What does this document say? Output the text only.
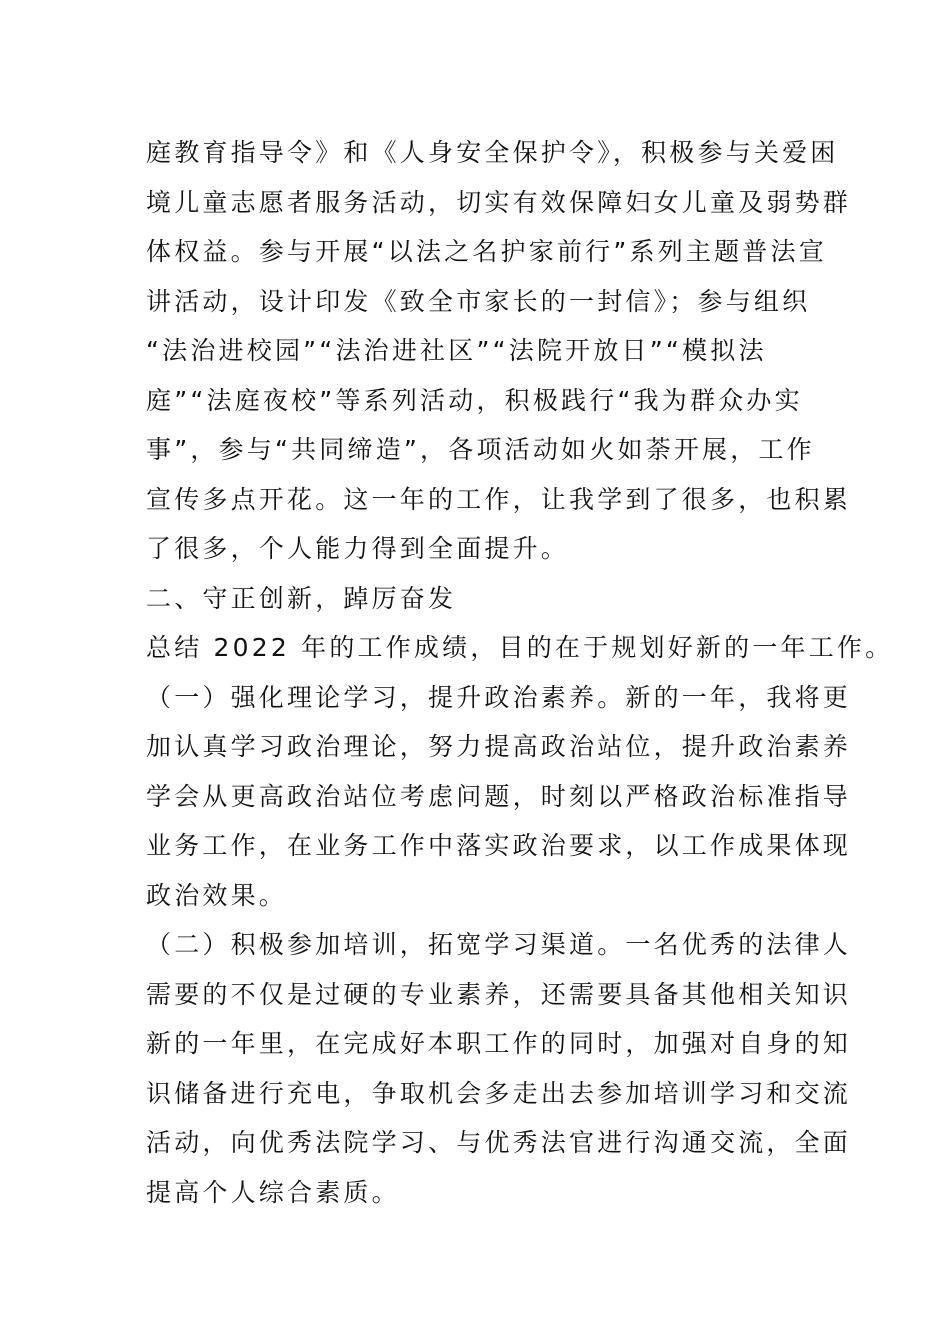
庭教育指导令》和《人身安全保护令》，积极参与关爱困
境儿童志愿者服务活动，切实有效保障妇女儿童及弱势群
体权益。参与开展“以法之名护家前行”系列主题普法宣
讲活动，设计印发《致全市家长的一封信》；参与组织
“法治进校园”“法治进社区”“法院开放日”“模拟法
庭”“法庭夜校”等系列活动，积极践行“我为群众办实
事”，参与“共同缔造”，各项活动如火如荼开展，工作
宣传多点开花。这一年的工作，让我学到了很多，也积累
了很多，个人能力得到全面提升。
二、守正创新，踔厉奋发
总结 2022 年的工作成绩，目的在于规划好新的一年工作。
（一）强化理论学习，提升政治素养。新的一年，我将更
加认真学习政治理论，努力提高政治站位，提升政治素养
学会从更高政治站位考虑问题，时刻以严格政治标准指导
业务工作，在业务工作中落实政治要求，以工作成果体现
政治效果。
（二）积极参加培训，拓宽学习渠道。一名优秀的法律人
需要的不仅是过硬的专业素养，还需要具备其他相关知识
新的一年里，在完成好本职工作的同时，加强对自身的知
识储备进行充电，争取机会多走出去参加培训学习和交流
活动，向优秀法院学习、与优秀法官进行沟通交流，全面
提高个人综合素质。
